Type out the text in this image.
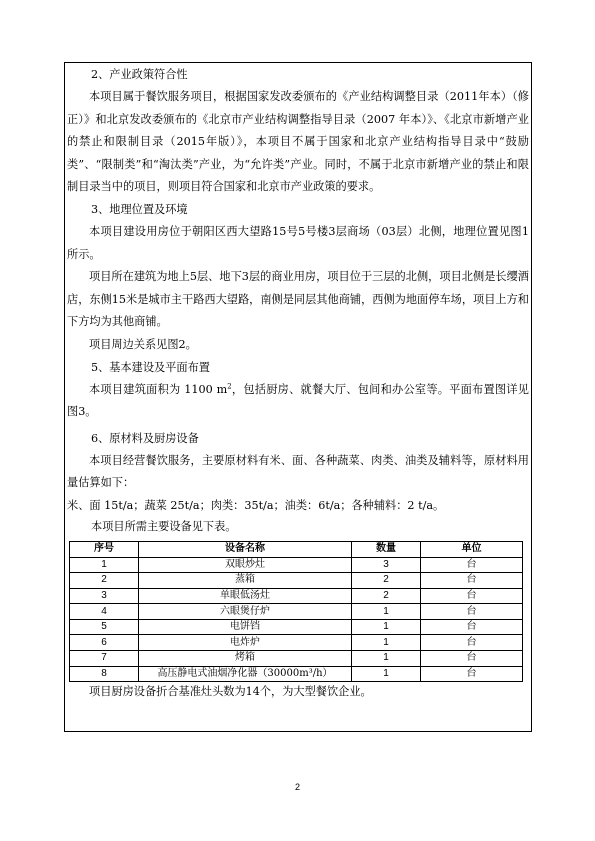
2、产业政策符合性
本项目属于餐饮服务项目，根据国家发改委颁布的《产业结构调整目录（2011年本）（修正）》和北京发改委颁布的《北京市产业结构调整指导目录（2007 年本）》、《北京市新增产业的禁止和限制目录（2015年版）》，本项目不属于国家和北京产业结构指导目录中“鼓励类”、“限制类”和“淘汰类”产业，为“允许类”产业。同时，不属于北京市新增产业的禁止和限制目录当中的项目，则项目符合国家和北京市产业政策的要求。
3、地理位置及环境
本项目建设用房位于朝阳区西大望路15号5号楼3层商场（03层）北侧，地理位置见图1所示。
项目所在建筑为地上5层、地下3层的商业用房，项目位于三层的北侧，项目北侧是长缨酒店，东侧15米是城市主干路西大望路，南侧是同层其他商铺，西侧为地面停车场，项目上方和下方均为其他商铺。
项目周边关系见图2。
5、基本建设及平面布置
本项目建筑面积为 1100 $m^2$，包括厨房、就餐大厅、包间和办公室等。平面布置图详见图3。
6、原材料及厨房设备
本项目经营餐饮服务，主要原材料有米、面、各种蔬菜、肉类、油类及辅料等，原材料用量估算如下：
米、面 15t/a；蔬菜 25t/a；肉类：35t/a；油类：6t/a；各种辅料：2 t/a。
本项目所需主要设备见下表。
序号	设备名称	数量	单位
1	双眼炒灶	3	台
2	蒸箱	2	台
3	单眼低汤灶	2	台
4	六眼煲仔炉	1	台
5	电饼铛	1	台
6	电炸炉	1	台
7	烤箱	1	台
8	高压静电式油烟净化器（30000m³/h）	1	台
项目厨房设备折合基准灶头数为14个，为大型餐饮企业。
2
